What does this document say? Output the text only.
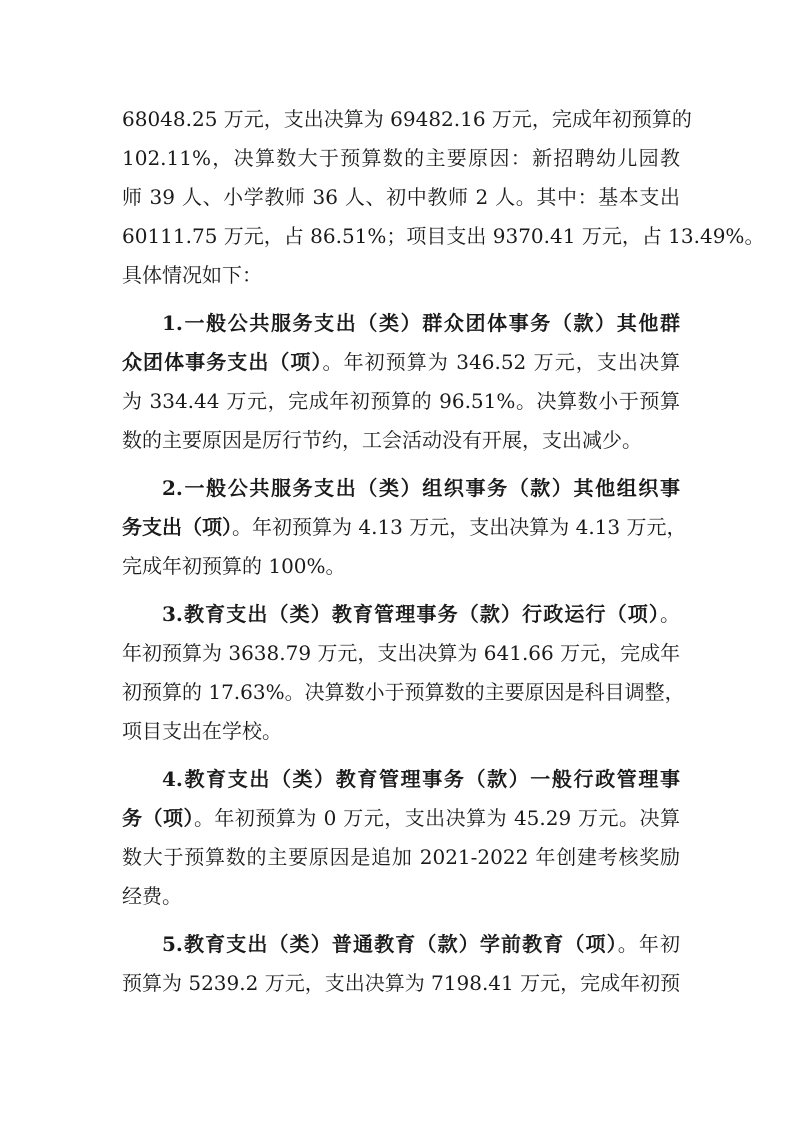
68048.25 万元，支出决算为 69482.16 万元，完成年初预算的
102.11%，决算数大于预算数的主要原因：新招聘幼儿园教
师 39 人、小学教师 36 人、初中教师 2 人。其中：基本支出
60111.75 万元，占 86.51%；项目支出 9370.41 万元，占 13.49%。
具体情况如下：
1.一般公共服务支出（类）群众团体事务（款）其他群
众团体事务支出（项）。年初预算为 346.52 万元，支出决算
为 334.44 万元，完成年初预算的 96.51%。决算数小于预算
数的主要原因是厉行节约，工会活动没有开展，支出减少。
2.一般公共服务支出（类）组织事务（款）其他组织事
务支出（项）。年初预算为 4.13 万元，支出决算为 4.13 万元，
完成年初预算的 100%。
3.教育支出（类）教育管理事务（款）行政运行（项）。
年初预算为 3638.79 万元，支出决算为 641.66 万元，完成年
初预算的 17.63%。决算数小于预算数的主要原因是科目调整，
项目支出在学校。
4.教育支出（类）教育管理事务（款）一般行政管理事
务（项）。年初预算为 0 万元，支出决算为 45.29 万元。决算
数大于预算数的主要原因是追加 2021-2022 年创建考核奖励
经费。
5.教育支出（类）普通教育（款）学前教育（项）。年初
预算为 5239.2 万元，支出决算为 7198.41 万元，完成年初预
